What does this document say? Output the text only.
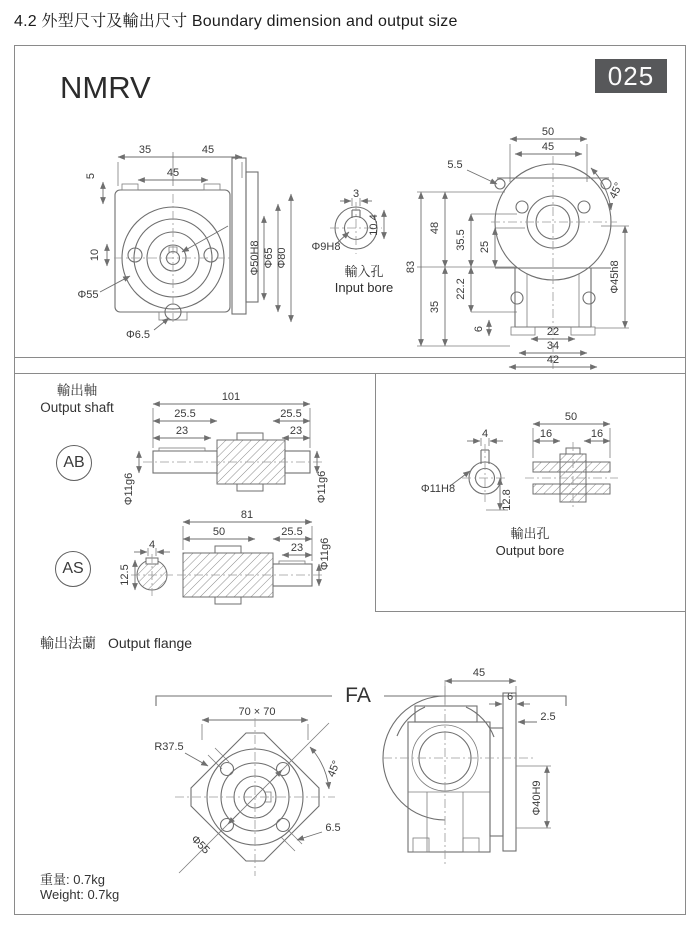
4.2 外型尺寸及輸出尺寸 Boundary dimension and output size
NMRV	025
35	45
45
5
10
Φ55
Φ6.5
Φ50H8 Φ65 Φ80
3
10.4
Φ9H8
輸入孔
Input bore
50
45
5.5
45°
83
48
35
35.5 25
22.2
6
Φ45h8
22
34
42
輸出軸
Output shaft
AB
AS
101
25.5
23
25.5
23
Φ11g6	Φ11g6
4
12.5
81
50	25.5
23 Φ11g6
4
Φ11H8
12.8
50
16	16
輸出孔
Output bore
輸出法蘭 Output flange
FA
70 × 70
Φ55
R37.5
45°
6.5
45
6
2.5
Φ40H9
重量: 0.7kg
Weight: 0.7kg
